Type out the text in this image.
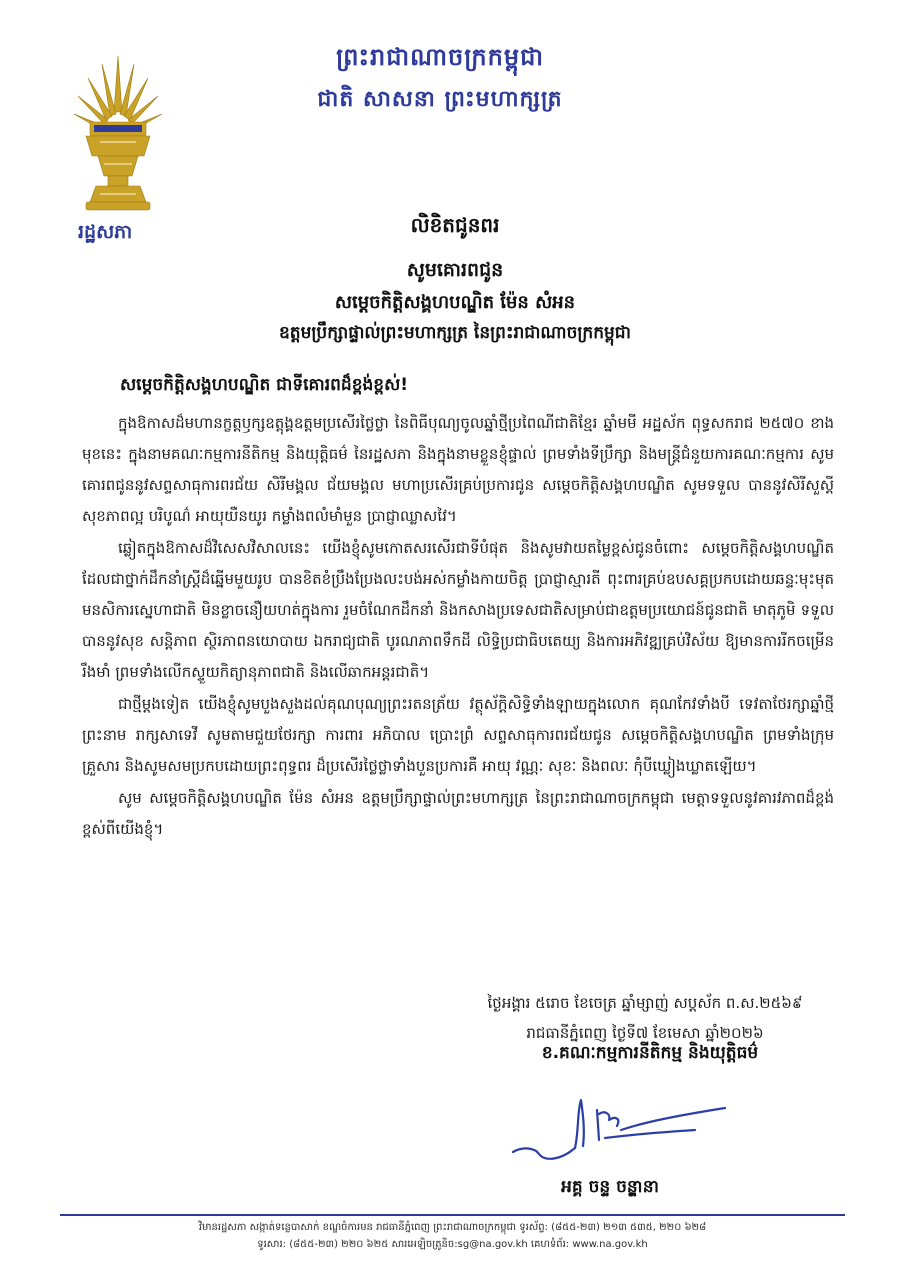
រដ្ឋសភា
ព្រះរាជាណាចក្រកម្ពុជា
ជាតិ សាសនា ព្រះមហាក្សត្រ
លិខិតជូនពរ
សូមគោរពជូន
សម្តេចកិត្តិសង្គហបណ្ឌិត ម៉ែន សំអន
ឧត្តមប្រឹក្សាផ្ទាល់ព្រះមហាក្សត្រ នៃព្រះរាជាណាចក្រកម្ពុជា
សម្តេចកិត្តិសង្គហបណ្ឌិត ជាទីគោរពដ៏ខ្ពង់ខ្ពស់!

ក្នុងឱកាសដ៏មហានក្ខត្តឫក្សឧត្តុង្គឧត្តមប្រសើរថ្លៃថ្លា នៃពិធីបុណ្យចូលឆ្នាំថ្មីប្រពៃណីជាតិខ្មែរ ឆ្នាំមមី អដ្ឋស័ក ពុទ្ធសករាជ ២៥៧០ ខាងមុខនេះ ក្នុងនាមគណៈកម្មការនីតិកម្ម និងយុត្តិធម៌ នៃរដ្ឋសភា និងក្នុងនាមខ្លួនខ្ញុំផ្ទាល់ ព្រមទាំងទីប្រឹក្សា និងមន្ត្រីជំនួយការគណៈកម្មការ សូមគោរពជូននូវសព្ទសាធុការពរជ័យ សិរីមង្គល ជ័យមង្គល មហាប្រសើរគ្រប់ប្រការជូន សម្តេចកិត្តិសង្គហបណ្ឌិត សូមទទួល បាននូវសិរីសួស្តី សុខភាពល្អ បរិបូណ៌ អាយុយឺនយូរ កម្លាំងពលំមាំមួន ប្រាជ្ញាឈ្លាសវៃ។

ឆ្លៀតក្នុងឱកាសដ៏វិសេសវិសាលនេះ យើងខ្ញុំសូមកោតសរសើរជាទីបំផុត និងសូមវាយតម្លៃខ្ពស់ជូនចំពោះ សម្តេចកិត្តិសង្គហបណ្ឌិត ដែលជាថ្នាក់ដឹកនាំស្ត្រីដ៏ឆ្នើមមួយរូប បានខិតខំប្រឹងប្រែងលះបង់អស់កម្លាំងកាយចិត្ត ប្រាជ្ញាស្មារតី ពុះពារគ្រប់ឧបសគ្គប្រកបដោយឆន្ទៈមុះមុតមនសិការស្នេហាជាតិ មិនខ្លាចនឿយហត់ក្នុងការ រួមចំណែកដឹកនាំ និងកសាងប្រទេសជាតិសម្រាប់ជាឧត្តមប្រយោជន៍ជូនជាតិ មាតុភូមិ ទទួលបាននូវសុខ សន្តិភាព ស្ថិរភាពនយោបាយ ឯករាជ្យជាតិ បូរណភាពទឹកដី លិទ្ធិប្រជាធិបតេយ្យ និងការអភិវឌ្ឍគ្រប់វិស័យ ឱ្យមានការរីកចម្រើនរឹងមាំ ព្រមទាំងលើកស្ទួយកិត្យានុភាពជាតិ និងលើឆាកអន្តរជាតិ។

ជាថ្មីម្តងទៀត យើងខ្ញុំសូមបួងសួងដល់គុណបុណ្យព្រះរតនត្រ័យ វត្ថុស័ក្តិសិទ្ធិទាំងឡាយក្នុងលោក គុណកែវទាំងបី ទេវតាថែរក្សាឆ្នាំថ្មី ព្រះនាម រាក្សសាទេវី សូមតាមជួយថែរក្សា ការពារ អភិបាល ប្រោះព្រំ សព្ទសាធុការពរជ័យជូន សម្តេចកិត្តិសង្គហបណ្ឌិត ព្រមទាំងក្រុមគ្រួសារ និងសូមសមប្រកបដោយព្រះពុទ្ធពរ ដ៏ប្រសើរថ្លៃថ្លាទាំងបួនប្រការគឺ អាយុ វណ្ណៈ សុខៈ និងពលៈ កុំបីឃ្លៀងឃ្លាតឡើយ។

សូម សម្តេចកិត្តិសង្គហបណ្ឌិត ម៉ែន សំអន ឧត្តមប្រឹក្សាផ្ទាល់ព្រះមហាក្សត្រ នៃព្រះរាជាណាចក្រកម្ពុជា មេត្តាទទួលនូវគារវភាពដ៏ខ្ពង់ខ្ពស់ពីយើងខ្ញុំ។

ថ្ងៃអង្គារ ៥រោច ខែចេត្រ ឆ្នាំម្សាញ់ សប្តស័ក ព.ស.២៥៦៩
រាជធានីភ្នំពេញ ថ្ងៃទី៧ ខែមេសា ឆ្នាំ២០២៦
ខ.គណៈកម្មការនីតិកម្ម និងយុត្តិធម៌
អគ្គ ចន្ទ ចន្ទ្ថានា
វិមានរដ្ឋសភា សង្កាត់ទន្លេបាសាក់ ខណ្ឌចំការមន រាជធានីភ្នំពេញ ព្រះរាជាណាចក្រកម្ពុជា ទូរស័ព្ទ: (៨៥៥-២៣) ២១៣ ៥៣៥, ២២០ ៦២៨
ទូរសារ: (៨៥៥-២៣) ២២០ ៦២៥ សារអេឡិចត្រូនិច:sg@na.gov.kh គេហទំព័រ: www.na.gov.kh
